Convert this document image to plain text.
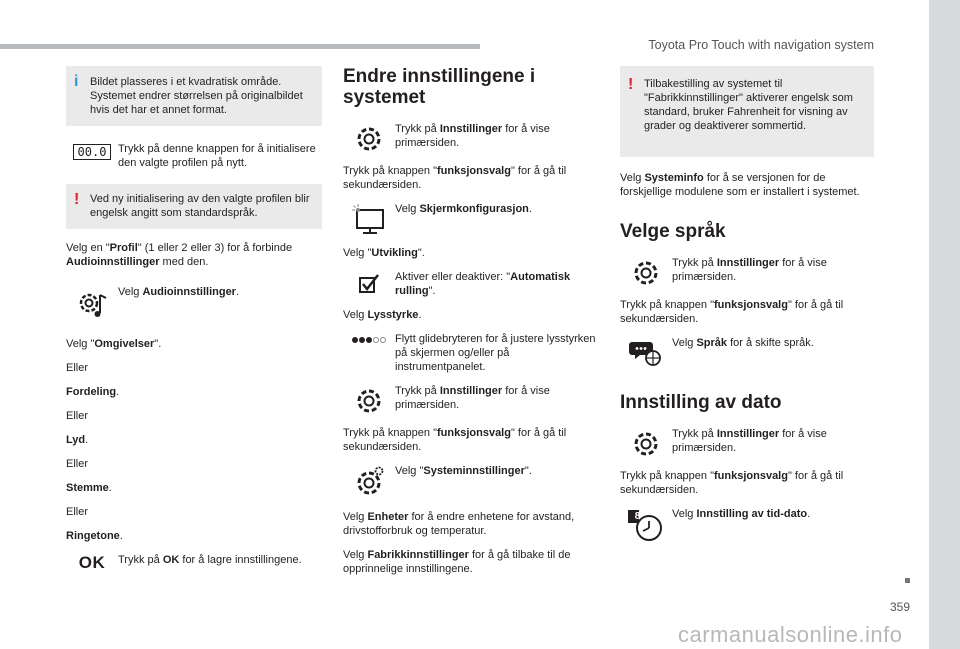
Toyota Pro Touch with navigation system
359
carmanualsonline.info
i Bildet plasseres i et kvadratisk område. Systemet endrer størrelsen på originalbildet hvis det har et annet format.
00.0	Trykk på denne knappen for å initialisere den valgte profilen på nytt.
! Ved ny initialisering av den valgte profilen blir engelsk angitt som standardspråk.

Velg en "Profil" (1 eller 2 eller 3) for å forbinde Audioinnstillinger med den.

Velg Audioinnstillinger.

Velg "Omgivelser".

Eller

Fordeling.

Eller

Lyd.

Eller

Stemme.

Eller

Ringetone.

OK Trykk på OK for å lagre innstillingene.
Endre innstillingene i systemet
Trykk på Innstillinger for å vise primærsiden.

Trykk på knappen "funksjonsvalg" for å gå til sekundærsiden.

Velg Skjermkonfigurasjon.

Velg "Utvikling".

Aktiver eller deaktiver: "Automatisk rulling".

Velg Lysstyrke.

Flytt glidebryteren for å justere lysstyrken på skjermen og/eller på instrumentpanelet.
Trykk på Innstillinger for å vise primærsiden.

Trykk på knappen "funksjonsvalg" for å gå til sekundærsiden.

Velg "Systeminnstillinger".

Velg Enheter for å endre enhetene for avstand, drivstofforbruk og temperatur.

Velg Fabrikkinnstillinger for å gå tilbake til de opprinnelige innstillingene.

! Tilbakestilling av systemet til "Fabrikkinnstillinger" aktiverer engelsk som standard, bruker Fahrenheit for visning av grader og deaktiverer sommertid.

Velg Systeminfo for å se versjonen for de forskjellige modulene som er installert i systemet.

Velge språk
Trykk på Innstillinger for å vise primærsiden.

Trykk på knappen "funksjonsvalg" for å gå til sekundærsiden.

Velg Språk for å skifte språk.
Innstilling av dato
Trykk på Innstillinger for å vise primærsiden.

Trykk på knappen "funksjonsvalg" for å gå til sekundærsiden.

8	Velg Innstilling av tid-dato.
